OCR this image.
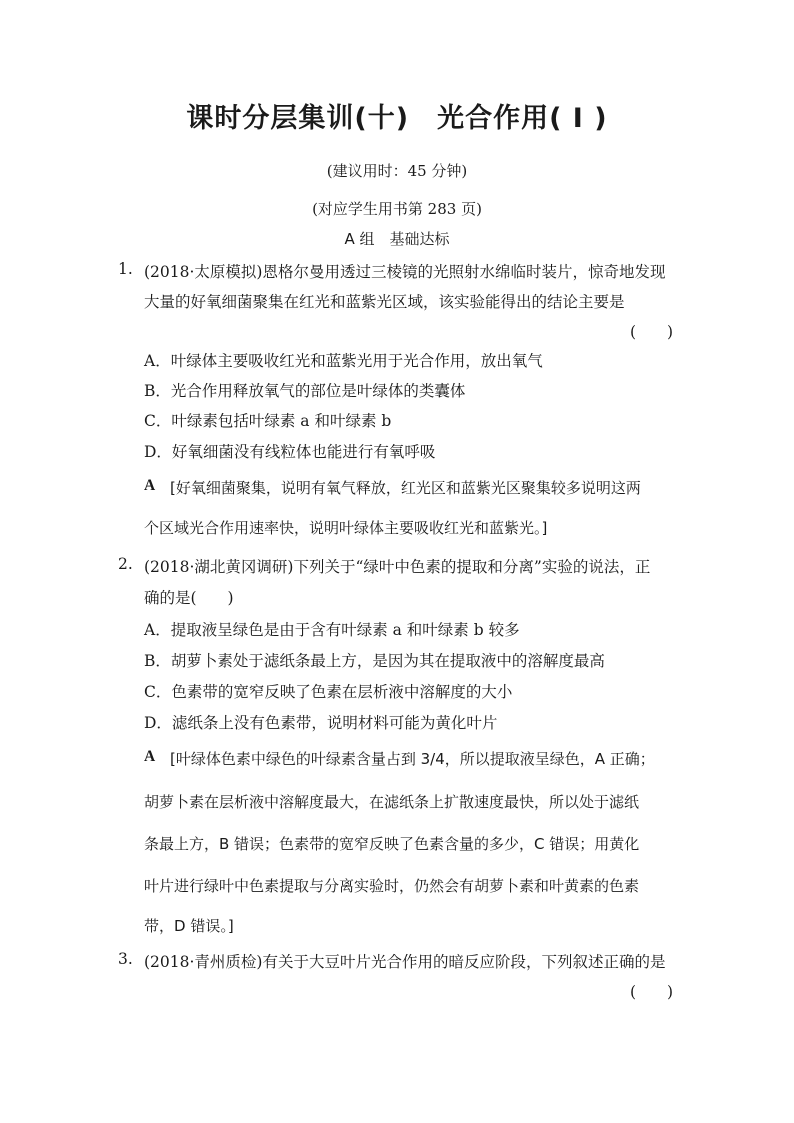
课时分层集训(十)　光合作用( Ⅰ )
(建议用时：45 分钟)
(对应学生用书第 283 页)
A 组　基础达标
1. (2018·太原模拟)恩格尔曼用透过三棱镜的光照射水绵临时装片，惊奇地发现
大量的好氧细菌聚集在红光和蓝紫光区域，该实验能得出的结论主要是
(　　)
A．叶绿体主要吸收红光和蓝紫光用于光合作用，放出氧气
B．光合作用释放氧气的部位是叶绿体的类囊体
C．叶绿素包括叶绿素 a 和叶绿素 b
D．好氧细菌没有线粒体也能进行有氧呼吸
A [好氧细菌聚集，说明有氧气释放，红光区和蓝紫光区聚集较多说明这两
个区域光合作用速率快，说明叶绿体主要吸收红光和蓝紫光。]
2. (2018·湖北黄冈调研)下列关于“绿叶中色素的提取和分离”实验的说法，正
确的是(　　)
A．提取液呈绿色是由于含有叶绿素 a 和叶绿素 b 较多
B．胡萝卜素处于滤纸条最上方，是因为其在提取液中的溶解度最高
C．色素带的宽窄反映了色素在层析液中溶解度的大小
D．滤纸条上没有色素带，说明材料可能为黄化叶片
A [叶绿体色素中绿色的叶绿素含量占到 3/4，所以提取液呈绿色，A 正确；
胡萝卜素在层析液中溶解度最大，在滤纸条上扩散速度最快，所以处于滤纸
条最上方，B 错误；色素带的宽窄反映了色素含量的多少，C 错误；用黄化
叶片进行绿叶中色素提取与分离实验时，仍然会有胡萝卜素和叶黄素的色素
带，D 错误。]
3. (2018·青州质检)有关于大豆叶片光合作用的暗反应阶段，下列叙述正确的是
(　　)
